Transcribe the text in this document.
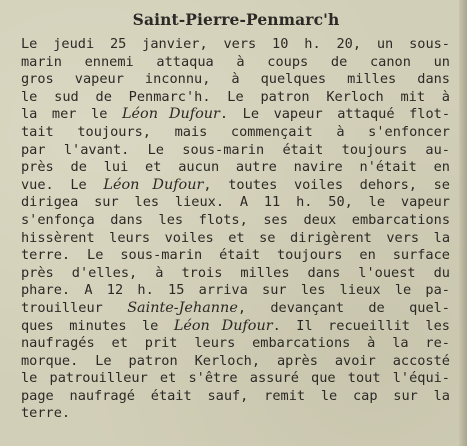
Saint-Pierre-Penmarc'h
Le jeudi 25 janvier, vers 10 h. 20, un sous-
marin ennemi attaqua à coups de canon un
gros vapeur inconnu, à quelques milles dans
le sud de Penmarc'h. Le patron Kerloch mit à
la mer le Léon Dufour. Le vapeur attaqué flot-
tait toujours, mais commençait à s'enfoncer
par l'avant. Le sous-marin était toujours au-
près de lui et aucun autre navire n'était en
vue. Le Léon Dufour, toutes voiles dehors, se
dirigea sur les lieux. A 11 h. 50, le vapeur
s'enfonça dans les flots, ses deux embarcations
hissèrent leurs voiles et se dirigèrent vers la
terre. Le sous-marin était toujours en surface
près d'elles, à trois milles dans l'ouest du
phare. A 12 h. 15 arriva sur les lieux le pa-
trouilleur Sainte-Jehanne, devançant de quel-
ques minutes le Léon Dufour. Il recueillit les
naufragés et prit leurs embarcations à la re-
morque. Le patron Kerloch, après avoir accosté
le patrouilleur et s'être assuré que tout l'équi-
page naufragé était sauf, remit le cap sur la
terre.
